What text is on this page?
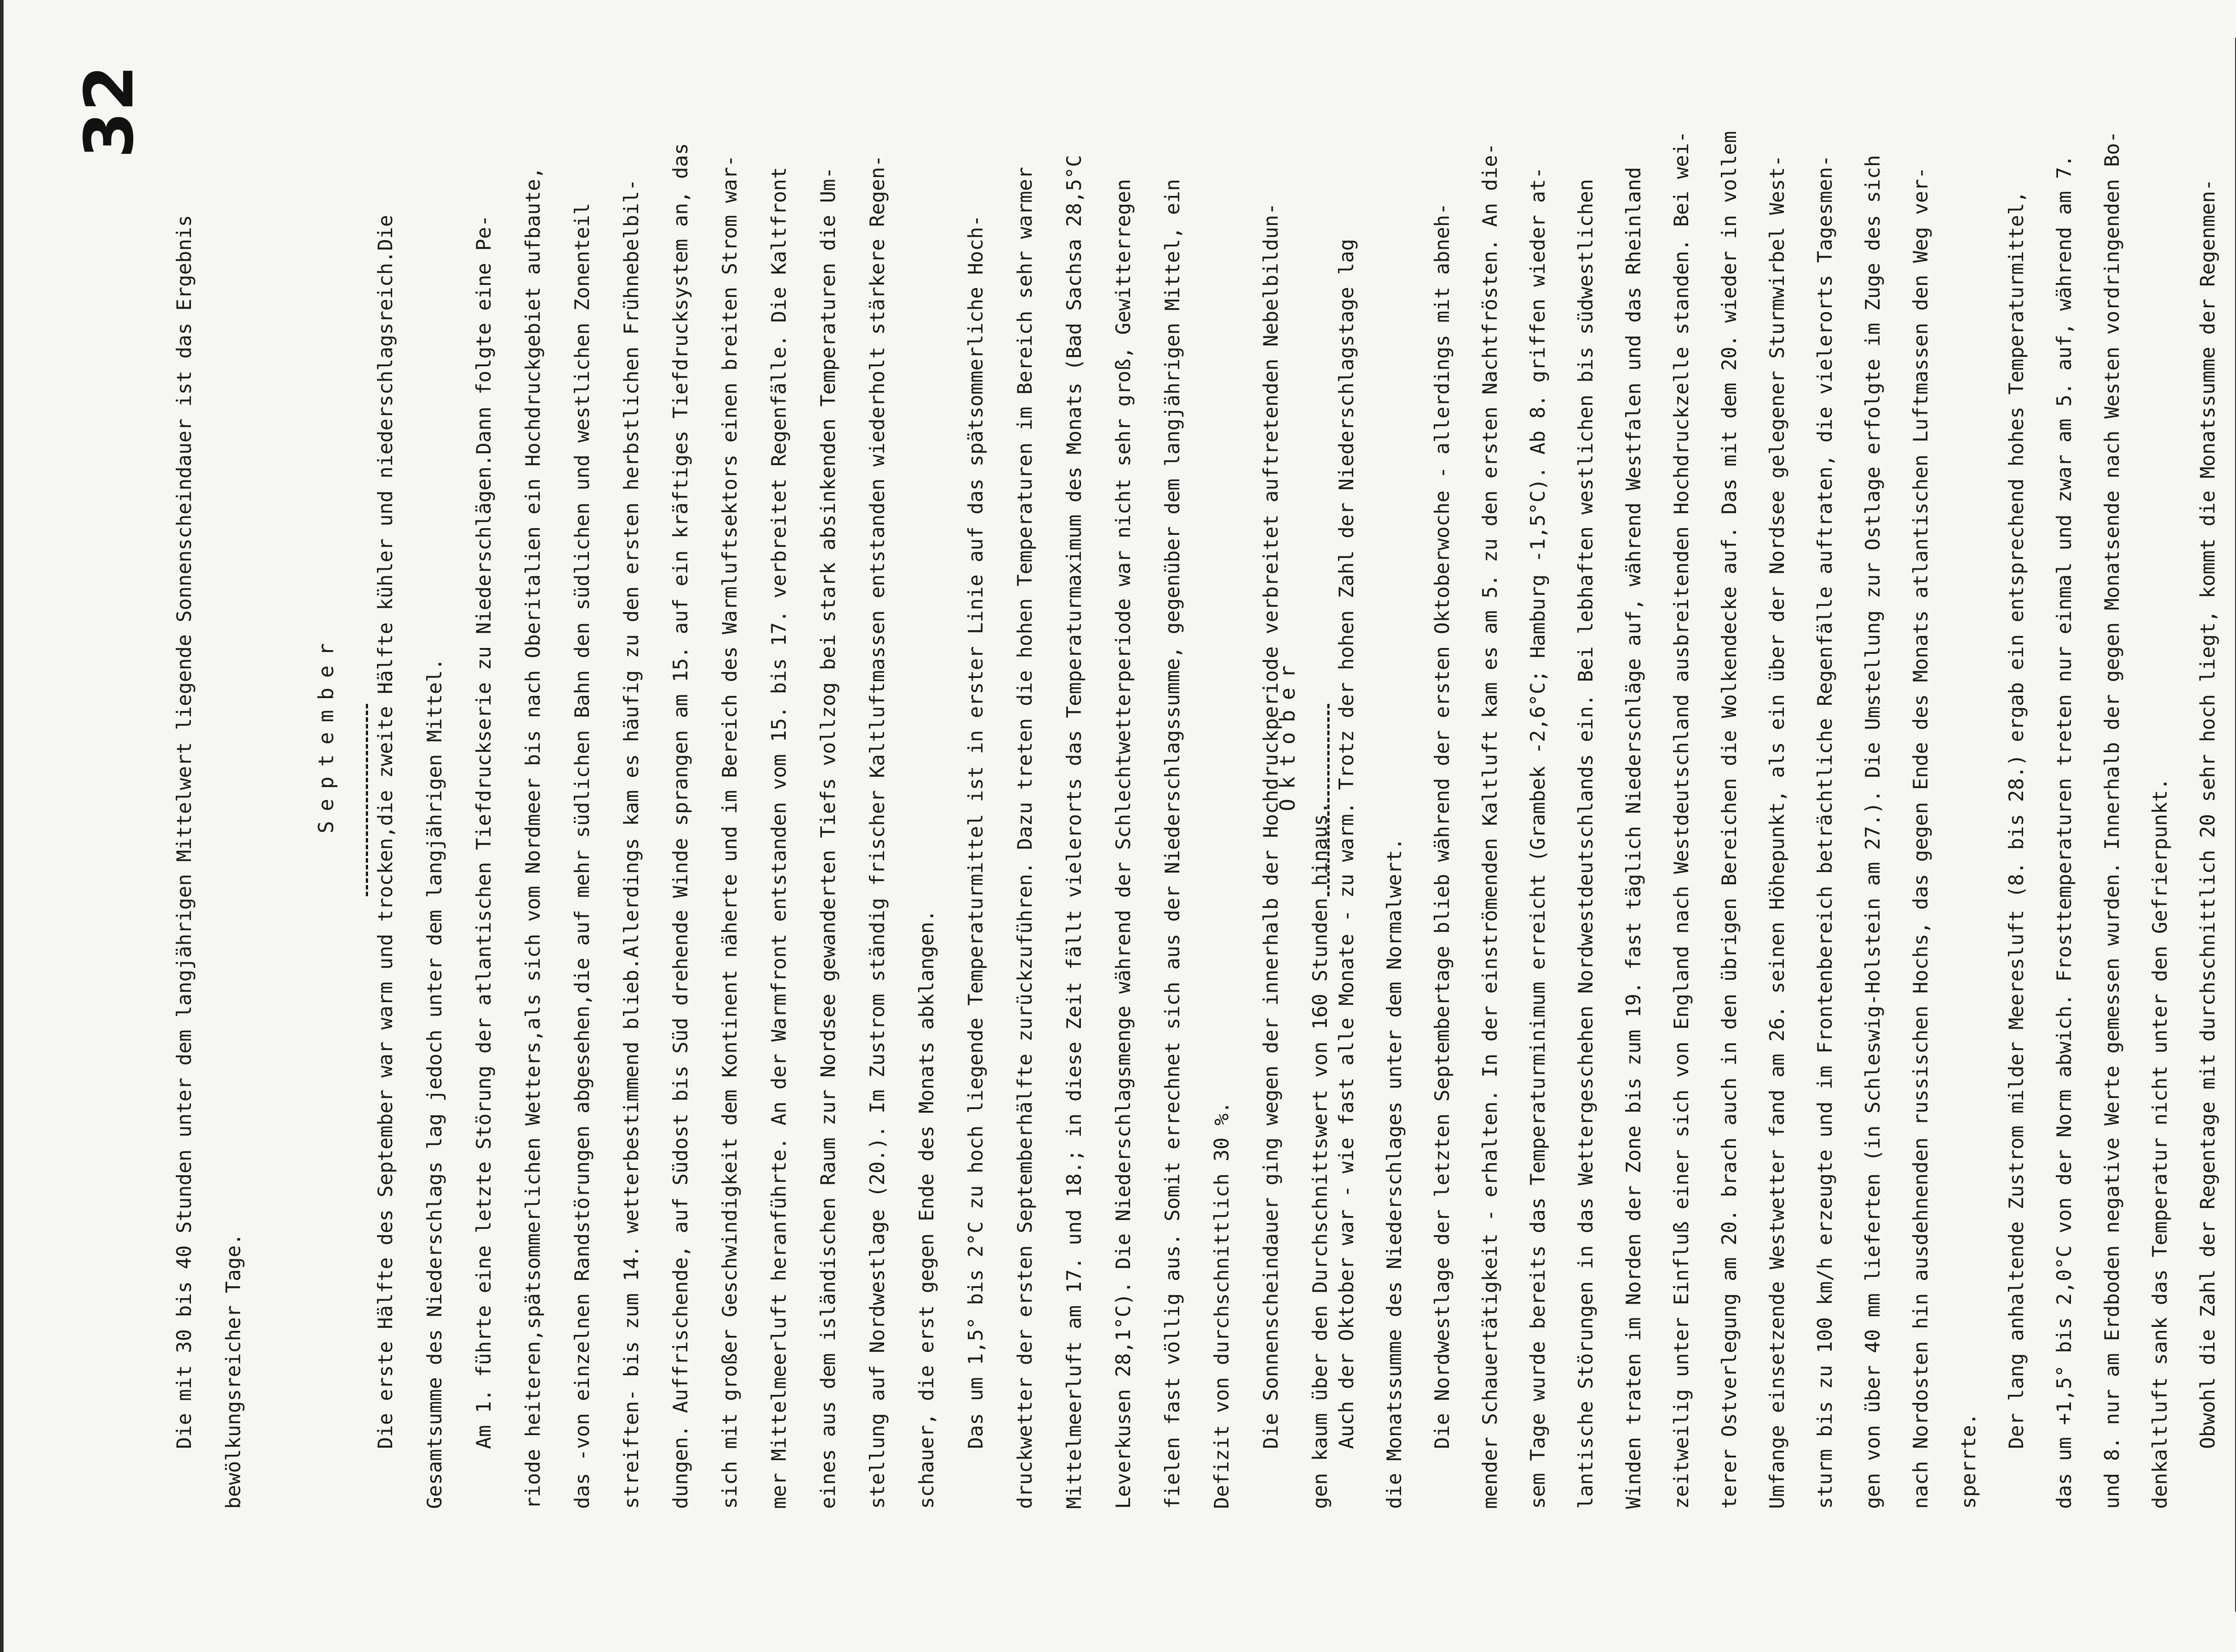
32
Die mit 30 bis 40 Stunden unter dem langjährigen Mittelwert liegende Sonnenscheindauer ist das Ergebnis
bewölkungsreicher Tage.

September

Die erste Hälfte des September war warm und trocken,die zweite Hälfte kühler und niederschlagsreich.Die
Gesamtsumme des Niederschlags lag jedoch unter dem langjährigen Mittel.
Am 1. führte eine letzte Störung der atlantischen Tiefdruckserie zu Niederschlägen.Dann folgte eine Pe-
riode heiteren,spätsommerlichen Wetters,als sich vom Nordmeer bis nach Oberitalien ein Hochdruckgebiet aufbaute,
das -von einzelnen Randstörungen abgesehen,die auf mehr südlichen Bahn den südlichen und westlichen Zonenteil
streiften- bis zum 14. wetterbestimmend blieb.Allerdings kam es häufig zu den ersten herbstlichen Frühnebelbil-
dungen. Auffrischende, auf Südost bis Süd drehende Winde sprangen am 15. auf ein kräftiges Tiefdrucksystem an, das
sich mit großer Geschwindigkeit dem Kontinent näherte und im Bereich des Warmluftsektors einen breiten Strom war-
mer Mittelmeerluft heranführte. An der Warmfront entstanden vom 15. bis 17. verbreitet Regenfälle. Die Kaltfront
eines aus dem isländischen Raum zur Nordsee gewanderten Tiefs vollzog bei stark absinkenden Temperaturen die Um-
stellung auf Nordwestlage (20.). Im Zustrom ständig frischer Kaltluftmassen entstanden wiederholt stärkere Regen-
schauer, die erst gegen Ende des Monats abklangen.
Das um 1,5° bis 2°C zu hoch liegende Temperaturmittel ist in erster Linie auf das spätsommerliche Hoch-
druckwetter der ersten Septemberhälfte zurückzuführen. Dazu treten die hohen Temperaturen im Bereich sehr warmer
Mittelmeerluft am 17. und 18.; in diese Zeit fällt vielerorts das Temperaturmaximum des Monats (Bad Sachsa 28,5°C
Leverkusen 28,1°C). Die Niederschlagsmenge während der Schlechtwetterperiode war nicht sehr groß, Gewitterregen
fielen fast völlig aus. Somit errechnet sich aus der Niederschlagssumme, gegenüber dem langjährigen Mittel, ein
Defizit von durchschnittlich 30 %.
Die Sonnenscheindauer ging wegen der innerhalb der Hochdruckperiode verbreitet auftretenden Nebelbildun-
gen kaum über den Durchschnittswert von 160 Stunden hinaus.

Oktober

Auch der Oktober war - wie fast alle Monate - zu warm. Trotz der hohen Zahl der Niederschlagstage lag
die Monatssumme des Niederschlages unter dem Normalwert.
Die Nordwestlage der letzten Septembertage blieb während der ersten Oktoberwoche - allerdings mit abneh-
mender Schauertätigkeit - erhalten. In der einströmenden Kaltluft kam es am 5. zu den ersten Nachtfrösten. An die-
sem Tage wurde bereits das Temperaturminimum erreicht (Grambek -2,6°C; Hamburg -1,5°C). Ab 8. griffen wieder at-
lantische Störungen in das Wettergeschehen Nordwestdeutschlands ein. Bei lebhaften westlichen bis südwestlichen
Winden traten im Norden der Zone bis zum 19. fast täglich Niederschläge auf, während Westfalen und das Rheinland
zeitweilig unter Einfluß einer sich von England nach Westdeutschland ausbreitenden Hochdruckzelle standen. Bei wei-
terer Ostverlegung am 20. brach auch in den übrigen Bereichen die Wolkendecke auf. Das mit dem 20. wieder in vollem
Umfange einsetzende Westwetter fand am 26. seinen Höhepunkt, als ein über der Nordsee gelegener Sturmwirbel West-
sturm bis zu 100 km/h erzeugte und im Frontenbereich beträchtliche Regenfälle auftraten, die vielerorts Tagesmen-
gen von über 40 mm lieferten (in Schleswig-Holstein am 27.). Die Umstellung zur Ostlage erfolgte im Zuge des sich
nach Nordosten hin ausdehnenden russischen Hochs, das gegen Ende des Monats atlantischen Luftmassen den Weg ver-
sperrte.
Der lang anhaltende Zustrom milder Meeresluft (8. bis 28.) ergab ein entsprechend hohes Temperaturmittel,
das um +1,5° bis 2,0°C von der Norm abwich. Frosttemperaturen treten nur einmal und zwar am 5. auf, während am 7.
und 8. nur am Erdboden negative Werte gemessen wurden. Innerhalb der gegen Monatsende nach Westen vordringenden Bo-
denkaltluft sank das Temperatur nicht unter den Gefrierpunkt.
Obwohl die Zahl der Regentage mit durchschnittlich 20 sehr hoch liegt, kommt die Monatssumme der Regenmen-
